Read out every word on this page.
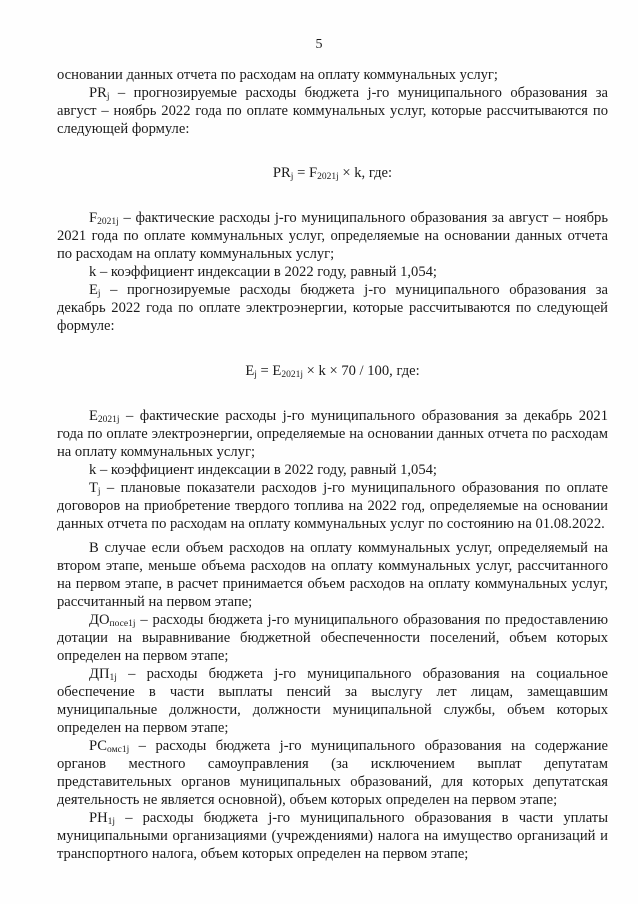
5

основании данных отчета по расходам на оплату коммунальных услуг;

$PR_j$ – прогнозируемые расходы бюджета j-го муниципального образования за август – ноябрь 2022 года по оплате коммунальных услуг, которые рассчитываются по следующей формуле:

$PR_j = F_{2021j} \times k$, где:

$F_{2021j}$ – фактические расходы j-го муниципального образования за август – ноябрь 2021 года по оплате коммунальных услуг, определяемые на основании данных отчета по расходам на оплату коммунальных услуг;

k – коэффициент индексации в 2022 году, равный 1,054;

$E_j$ – прогнозируемые расходы бюджета j-го муниципального образования за декабрь 2022 года по оплате электроэнергии, которые рассчитываются по следующей формуле:

$E_j = E_{2021j} \times k \times 70 / 100$, где:

$E_{2021j}$ – фактические расходы j-го муниципального образования за декабрь 2021 года по оплате электроэнергии, определяемые на основании данных отчета по расходам на оплату коммунальных услуг;

k – коэффициент индексации в 2022 году, равный 1,054;

$T_j$ – плановые показатели расходов j-го муниципального образования по оплате договоров на приобретение твердого топлива на 2022 год, определяемые на основании данных отчета по расходам на оплату коммунальных услуг по состоянию на 01.08.2022.

В случае если объем расходов на оплату коммунальных услуг, определяемый на втором этапе, меньше объема расходов на оплату коммунальных услуг, рассчитанного на первом этапе, в расчет принимается объем расходов на оплату коммунальных услуг, рассчитанный на первом этапе;

$ДО_{посе1j}$ – расходы бюджета j-го муниципального образования по предоставлению дотации на выравнивание бюджетной обеспеченности поселений, объем которых определен на первом этапе;

$ДП_{1j}$ – расходы бюджета j-го муниципального образования на социальное обеспечение в части выплаты пенсий за выслугу лет лицам, замещавшим муниципальные должности, должности муниципальной службы, объем которых определен на первом этапе;

$РС_{омс1j}$ – расходы бюджета j-го муниципального образования на содержание органов местного самоуправления (за исключением выплат депутатам представительных органов муниципальных образований, для которых депутатская деятельность не является основной), объем которых определен на первом этапе;

$РН_{1j}$ – расходы бюджета j-го муниципального образования в части уплаты муниципальными организациями (учреждениями) налога на имущество организаций и транспортного налога, объем которых определен на первом этапе;
